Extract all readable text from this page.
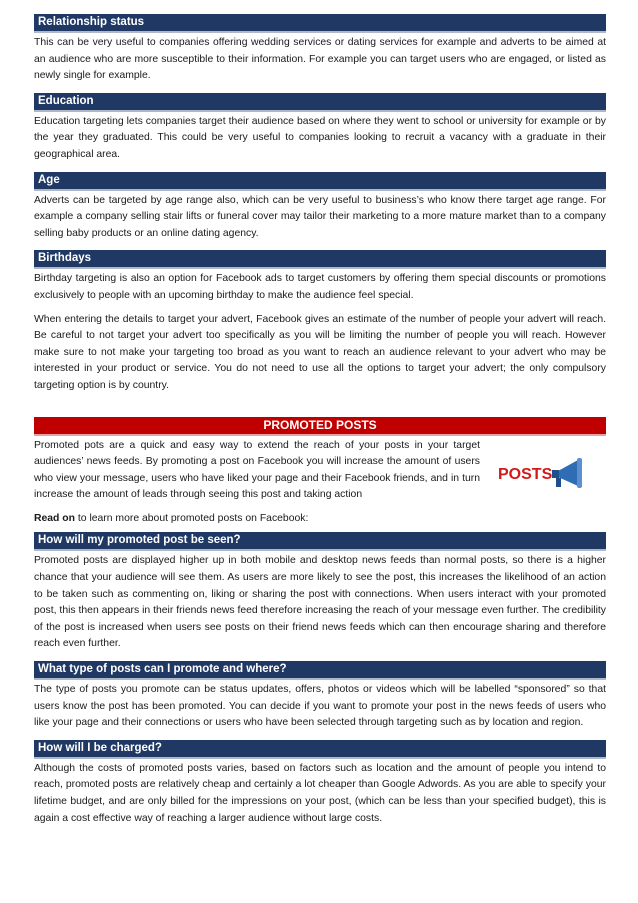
Relationship status

This can be very useful to companies offering wedding services or dating services for example and adverts to be aimed at an audience who are more susceptible to their information. For example you can target users who are engaged, or listed as newly single for example.

Education

Education targeting lets companies target their audience based on where they went to school or university for example or by the year they graduated. This could be very useful to companies looking to recruit a vacancy with a graduate in their geographical area.

Age

Adverts can be targeted by age range also, which can be very useful to business’s who know there target age range. For example a company selling stair lifts or funeral cover may tailor their marketing to a more mature market than to a company selling baby products or an online dating agency.

Birthdays

Birthday targeting is also an option for Facebook ads to target customers by offering them special discounts or promotions exclusively to people with an upcoming birthday to make the audience feel special.

When entering the details to target your advert, Facebook gives an estimate of the number of people your advert will reach. Be careful to not target your advert too specifically as you will be limiting the number of people you will reach. However make sure to not make your targeting too broad as you want to reach an audience relevant to your advert who may be interested in your product or service. You do not need to use all the options to target your advert; the only compulsory targeting option is by country.

PROMOTED POSTS

Promoted pots are a quick and easy way to extend the reach of your posts in your target audiences’ news feeds. By promoting a post on Facebook you will increase the amount of users who view your message, users who have liked your page and their Facebook friends, and in turn increase the amount of leads through seeing this post and taking action

POSTS

Read on to learn more about promoted posts on Facebook:

How will my promoted post be seen?

Promoted posts are displayed higher up in both mobile and desktop news feeds than normal posts, so there is a higher chance that your audience will see them. As users are more likely to see the post, this increases the likelihood of an action to be taken such as commenting on, liking or sharing the post with connections. When users interact with your promoted post, this then appears in their friends news feed therefore increasing the reach of your message even further. The credibility of the post is increased when users see posts on their friend news feeds which can then encourage sharing and therefore reach even further.

What type of posts can I promote and where?

The type of posts you promote can be status updates, offers, photos or videos which will be labelled “sponsored” so that users know the post has been promoted. You can decide if you want to promote your post in the news feeds of users who like your page and their connections or users who have been selected through targeting such as by location and region.

How will I be charged?

Although the costs of promoted posts varies, based on factors such as location and the amount of people you intend to reach, promoted posts are relatively cheap and certainly a lot cheaper than Google Adwords. As you are able to specify your lifetime budget, and are only billed for the impressions on your post, (which can be less than your specified budget), this is again a cost effective way of reaching a larger audience without large costs.
